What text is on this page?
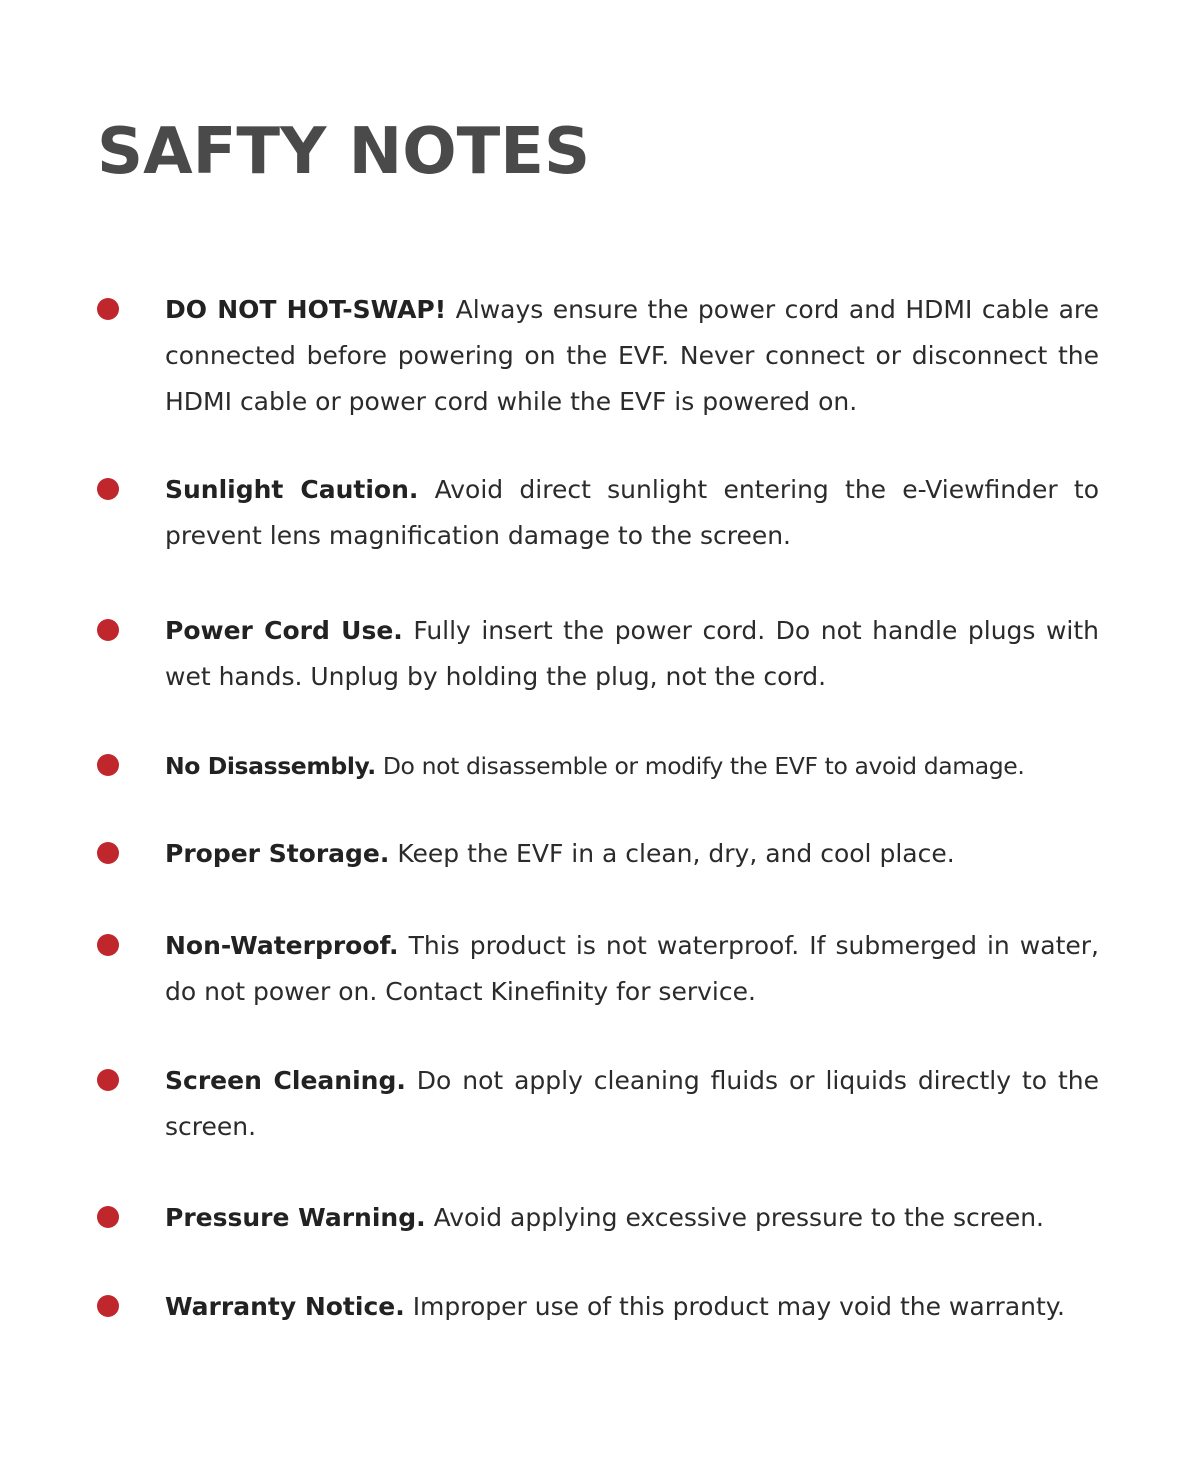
SAFTY NOTES

DO NOT HOT-SWAP! Always ensure the power cord and HDMI cable are connected before powering on the EVF. Never connect or disconnect the HDMI cable or power cord while the EVF is powered on.

Sunlight Caution. Avoid direct sunlight entering the e-Viewfinder to prevent lens magnification damage to the screen.

Power Cord Use. Fully insert the power cord. Do not handle plugs with wet hands. Unplug by holding the plug, not the cord.

No Disassembly. Do not disassemble or modify the EVF to avoid damage.

Proper Storage. Keep the EVF in a clean, dry, and cool place.

Non-Waterproof. This product is not waterproof. If submerged in water, do not power on. Contact Kinefinity for service.

Screen Cleaning. Do not apply cleaning fluids or liquids directly to the screen.

Pressure Warning. Avoid applying excessive pressure to the screen.

Warranty Notice. Improper use of this product may void the warranty.
